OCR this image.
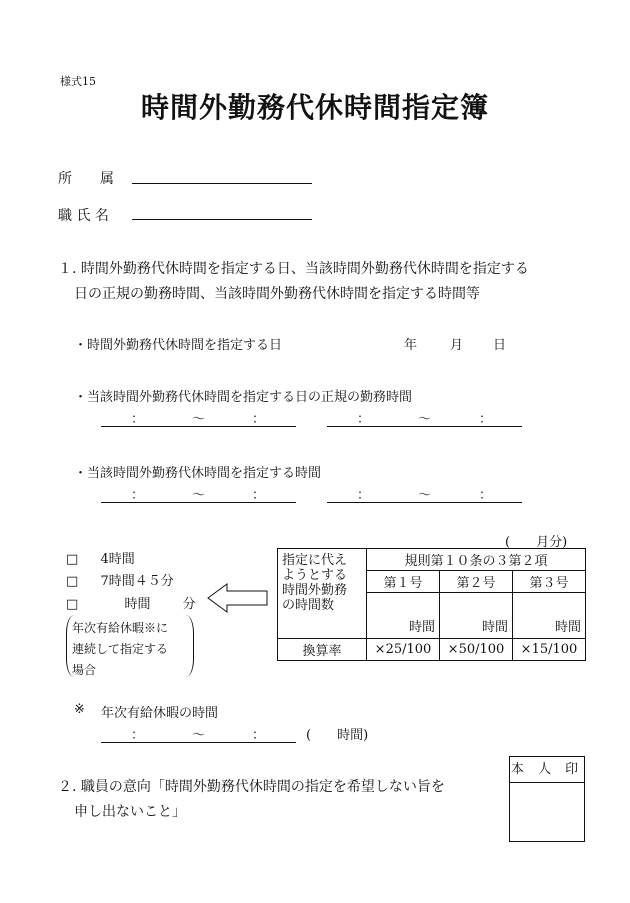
様式15
時間外勤務代休時間指定簿
所　　属
職 氏 名
１. 時間外勤務代休時間を指定する日、当該時間外勤務代休時間を指定する
日の正規の勤務時間、当該時間外勤務代休時間を指定する時間等
・時間外勤務代休時間を指定する日	年	月 日
・当該時間外勤務代休時間を指定する日の正規の勤務時間
：	～	：	：	～	：
・当該時間外勤務代休時間を指定する時間
：	～	：	：	～	：
(　　月分)
□ 4時間
□ 7時間４５分
□	時間 分
年次有給休暇※に
連続して指定する
場合
指定に代え
ようとする
時間外勤務
の時間数	規則第１０条の３第２項		
	第１号	第２号	第３号
	時間	時間	時間
換算率	×25/100	×50/100	×15/100
※ 年次有給休暇の時間
：	～	：	(　　時間)
２. 職員の意向「時間外勤務代休時間の指定を希望しない旨を
申し出ないこと」
本 人 印
